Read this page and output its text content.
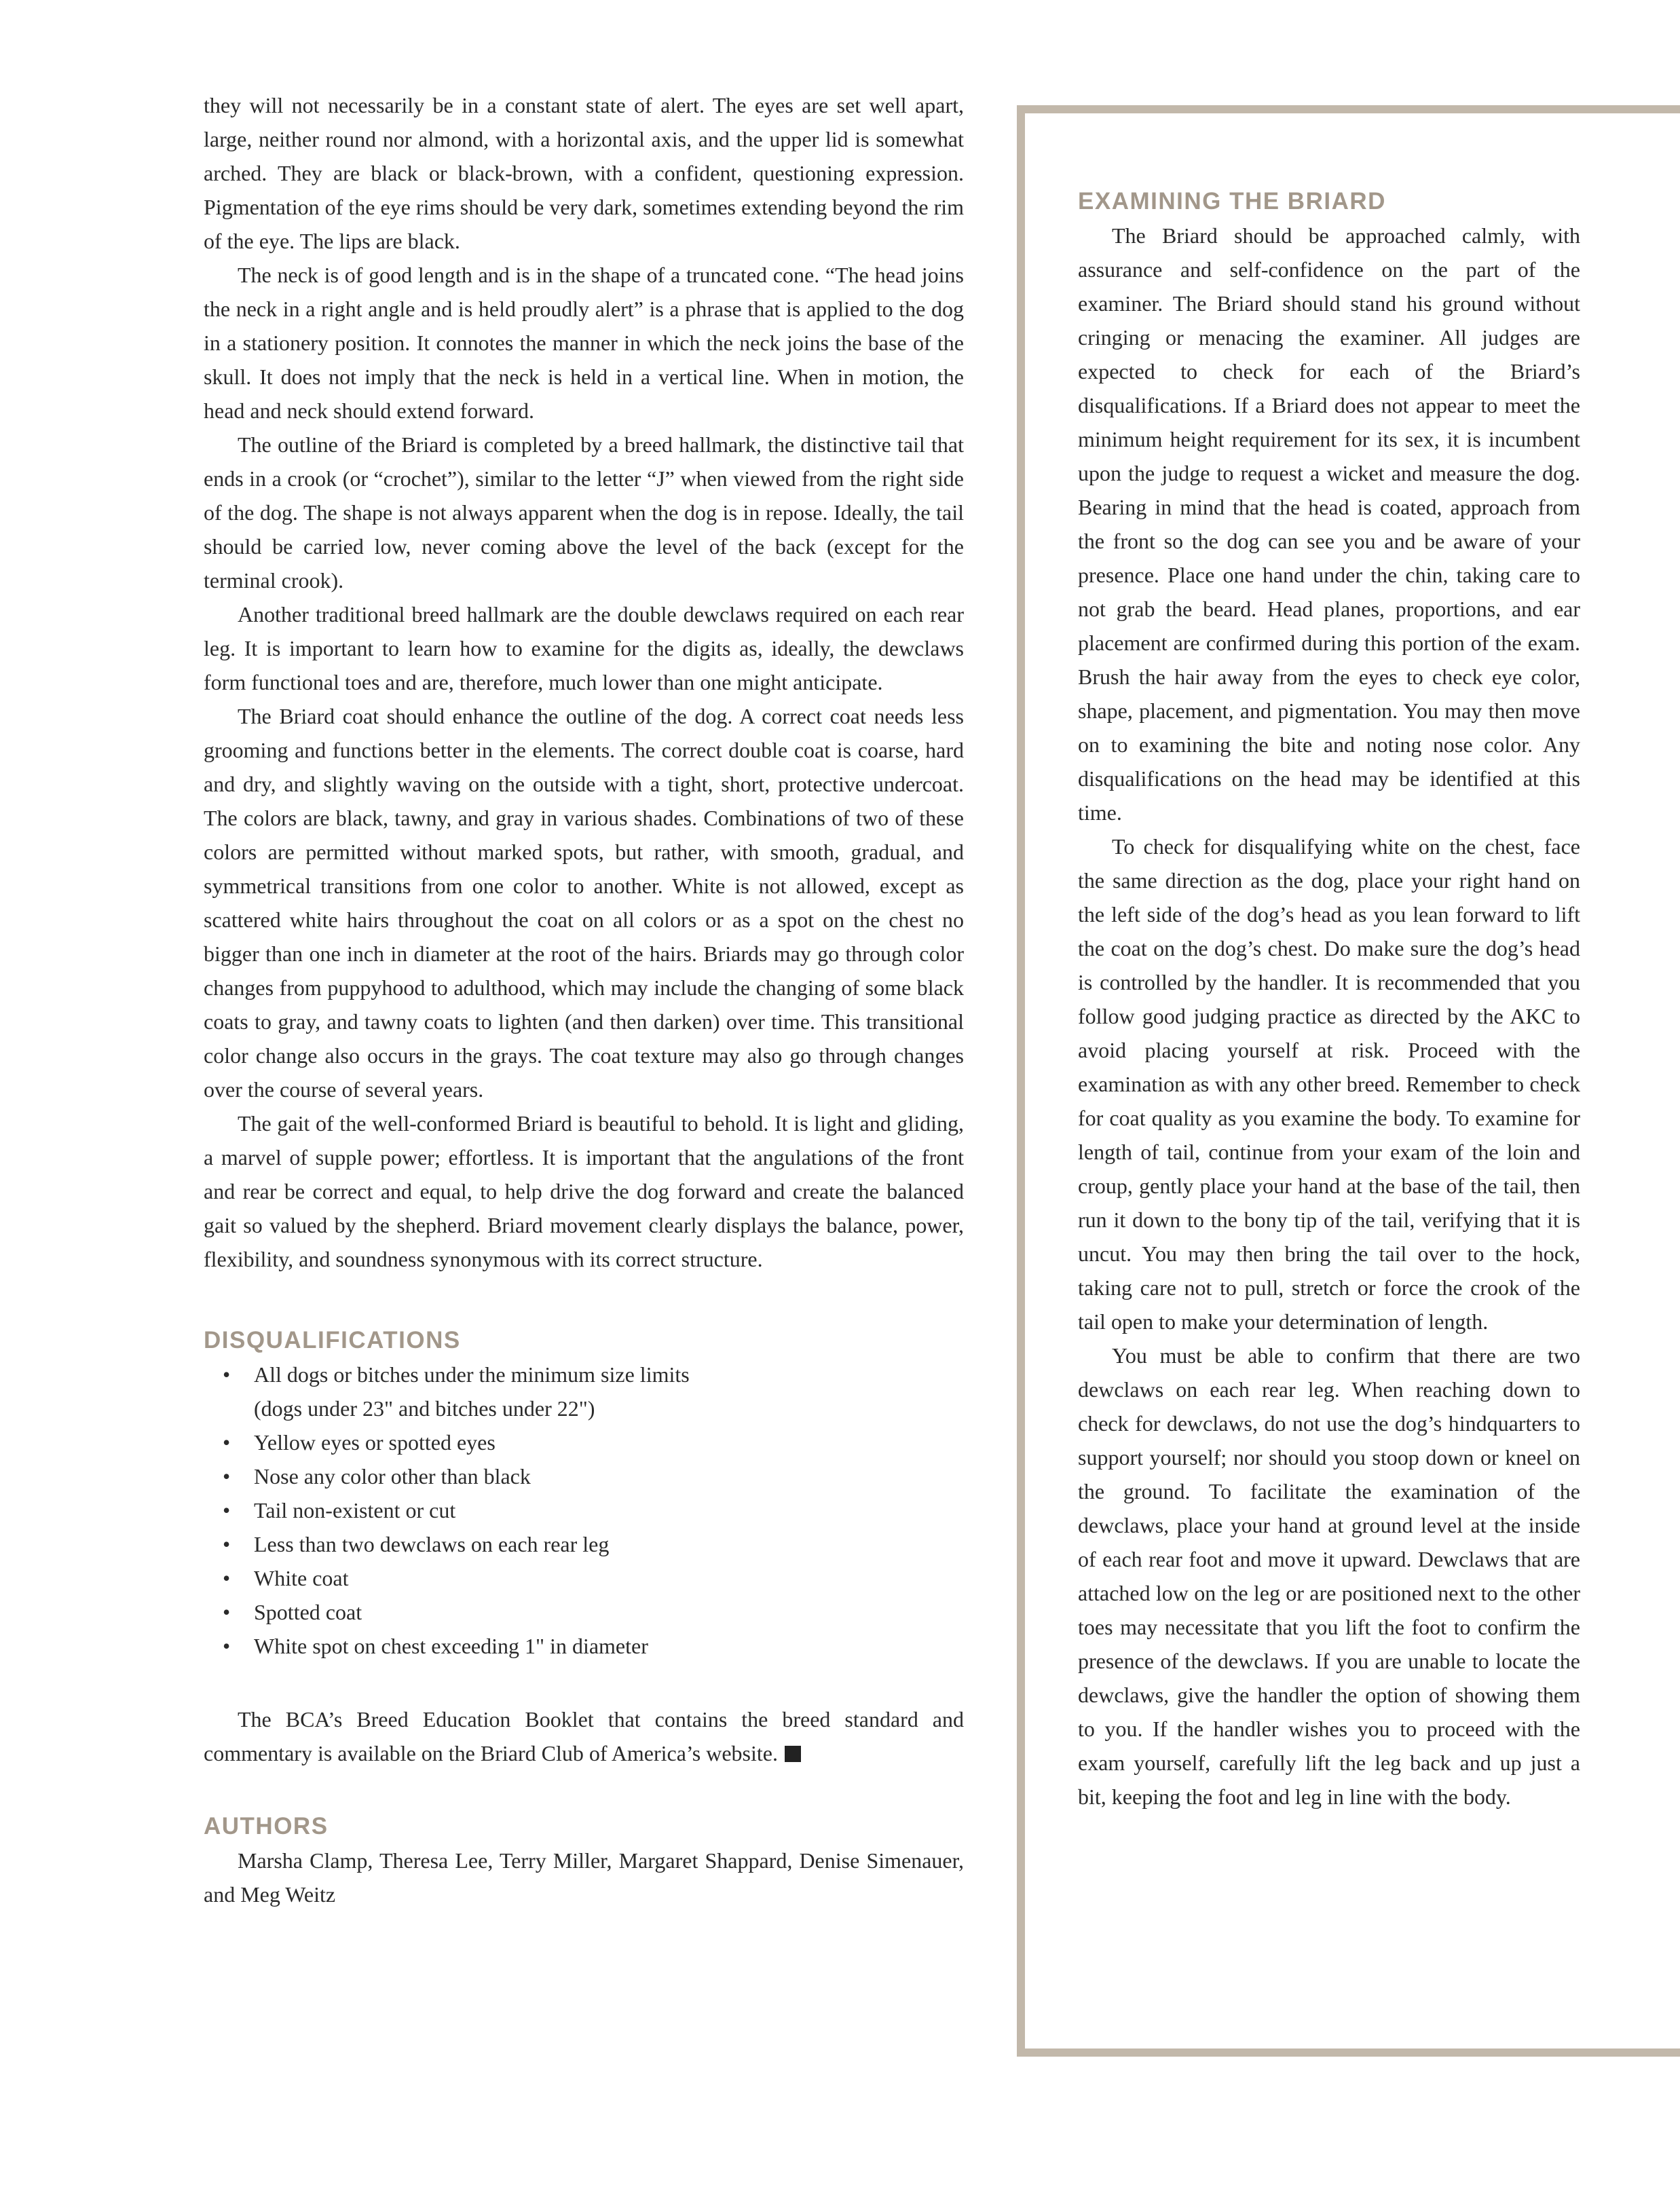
they will not necessarily be in a constant state of alert. The eyes are set well apart, large, neither round nor almond, with a horizontal axis, and the upper lid is somewhat arched. They are black or black-brown, with a confident, questioning expression. Pigmentation of the eye rims should be very dark, sometimes extending beyond the rim of the eye. The lips are black.

The neck is of good length and is in the shape of a truncated cone. “The head joins the neck in a right angle and is held proudly alert” is a phrase that is applied to the dog in a stationery position. It connotes the manner in which the neck joins the base of the skull. It does not imply that the neck is held in a vertical line. When in motion, the head and neck should extend forward.

The outline of the Briard is completed by a breed hallmark, the distinctive tail that ends in a crook (or “crochet”), similar to the letter “J” when viewed from the right side of the dog. The shape is not always apparent when the dog is in repose. Ideally, the tail should be carried low, never coming above the level of the back (except for the terminal crook).

Another traditional breed hallmark are the double dewclaws required on each rear leg. It is important to learn how to examine for the digits as, ideally, the dewclaws form functional toes and are, therefore, much lower than one might anticipate.

The Briard coat should enhance the outline of the dog. A correct coat needs less grooming and functions better in the elements. The correct double coat is coarse, hard and dry, and slightly waving on the outside with a tight, short, protective undercoat. The colors are black, tawny, and gray in various shades. Combinations of two of these colors are permitted without marked spots, but rather, with smooth, gradual, and symmetrical transitions from one color to another. White is not allowed, except as scattered white hairs throughout the coat on all colors or as a spot on the chest no bigger than one inch in diameter at the root of the hairs. Briards may go through color changes from puppyhood to adulthood, which may include the changing of some black coats to gray, and tawny coats to lighten (and then darken) over time. This transitional color change also occurs in the grays. The coat texture may also go through changes over the course of several years.

The gait of the well-conformed Briard is beautiful to behold. It is light and gliding, a marvel of supple power; effortless. It is important that the angulations of the front and rear be correct and equal, to help drive the dog forward and create the balanced gait so valued by the shepherd. Briard movement clearly displays the balance, power, flexibility, and soundness synonymous with its correct structure.

DISQUALIFICATIONS
• All dogs or bitches under the minimum size limits
(dogs under 23" and bitches under 22")
• Yellow eyes or spotted eyes
• Nose any color other than black
• Tail non-existent or cut
• Less than two dewclaws on each rear leg
• White coat
• Spotted coat
• White spot on chest exceeding 1" in diameter

The BCA’s Breed Education Booklet that contains the breed standard and commentary is available on the Briard Club of America’s website.

AUTHORS

Marsha Clamp, Theresa Lee, Terry Miller, Margaret Shappard, Denise Simenauer, and Meg Weitz

EXAMINING THE BRIARD

The Briard should be approached calmly, with assurance and self-confidence on the part of the examiner. The Briard should stand his ground without cringing or menacing the examiner. All judges are expected to check for each of the Briard’s disqualifications. If a Briard does not appear to meet the minimum height requirement for its sex, it is incumbent upon the judge to request a wicket and measure the dog. Bearing in mind that the head is coated, approach from the front so the dog can see you and be aware of your presence. Place one hand under the chin, taking care to not grab the beard. Head planes, proportions, and ear placement are confirmed during this portion of the exam. Brush the hair away from the eyes to check eye color, shape, placement, and pigmentation. You may then move on to examining the bite and noting nose color. Any disqualifications on the head may be identified at this time.

To check for disqualifying white on the chest, face the same direction as the dog, place your right hand on the left side of the dog’s head as you lean forward to lift the coat on the dog’s chest. Do make sure the dog’s head is controlled by the handler. It is recommended that you follow good judging practice as directed by the AKC to avoid placing yourself at risk. Proceed with the examination as with any other breed. Remember to check for coat quality as you examine the body. To examine for length of tail, continue from your exam of the loin and croup, gently place your hand at the base of the tail, then run it down to the bony tip of the tail, verifying that it is uncut. You may then bring the tail over to the hock, taking care not to pull, stretch or force the crook of the tail open to make your determination of length.

You must be able to confirm that there are two dewclaws on each rear leg. When reaching down to check for dewclaws, do not use the dog’s hindquarters to support yourself; nor should you stoop down or kneel on the ground. To facilitate the examination of the dewclaws, place your hand at ground level at the inside of each rear foot and move it upward. Dewclaws that are attached low on the leg or are positioned next to the other toes may necessitate that you lift the foot to confirm the presence of the dewclaws. If you are unable to locate the dewclaws, give the handler the option of showing them to you. If the handler wishes you to proceed with the exam yourself, carefully lift the leg back and up just a bit, keeping the foot and leg in line with the body.
